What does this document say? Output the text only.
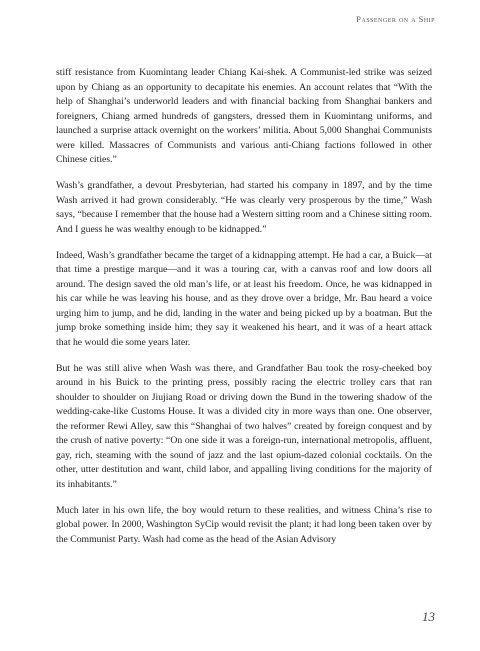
Passenger on a Ship

stiff resistance from Kuomintang leader Chiang Kai-shek. A Communist-led strike was seized upon by Chiang as an opportunity to decapitate his enemies. An account relates that “With the help of Shanghai’s underworld leaders and with financial backing from Shanghai bankers and foreigners, Chiang armed hundreds of gangsters, dressed them in Kuomintang uniforms, and launched a surprise attack overnight on the workers’ militia. About 5,000 Shanghai Communists were killed. Massacres of Communists and various anti-Chiang factions followed in other Chinese cities.”

Wash’s grandfather, a devout Presbyterian, had started his company in 1897, and by the time Wash arrived it had grown considerably. “He was clearly very prosperous by the time,” Wash says, “because I remember that the house had a Western sitting room and a Chinese sitting room. And I guess he was wealthy enough to be kidnapped.”

Indeed, Wash’s grandfather became the target of a kidnapping attempt. He had a car, a Buick—at that time a prestige marque—and it was a touring car, with a canvas roof and low doors all around. The design saved the old man’s life, or at least his freedom. Once, he was kidnapped in his car while he was leaving his house, and as they drove over a bridge, Mr. Bau heard a voice urging him to jump, and he did, landing in the water and being picked up by a boatman. But the jump broke something inside him; they say it weakened his heart, and it was of a heart attack that he would die some years later.

But he was still alive when Wash was there, and Grandfather Bau took the rosy-cheeked boy around in his Buick to the printing press, possibly racing the electric trolley cars that ran shoulder to shoulder on Jiujiang Road or driving down the Bund in the towering shadow of the wedding-cake-like Customs House. It was a divided city in more ways than one. One observer, the reformer Rewi Alley, saw this “Shanghai of two halves” created by foreign conquest and by the crush of native poverty: “On one side it was a foreign-run, international metropolis, affluent, gay, rich, steaming with the sound of jazz and the last opium-dazed colonial cocktails. On the other, utter destitution and want, child labor, and appalling living conditions for the majority of its inhabitants.”

Much later in his own life, the boy would return to these realities, and witness China’s rise to global power. In 2000, Washington SyCip would revisit the plant; it had long been taken over by the Communist Party. Wash had come as the head of the Asian Advisory

13
